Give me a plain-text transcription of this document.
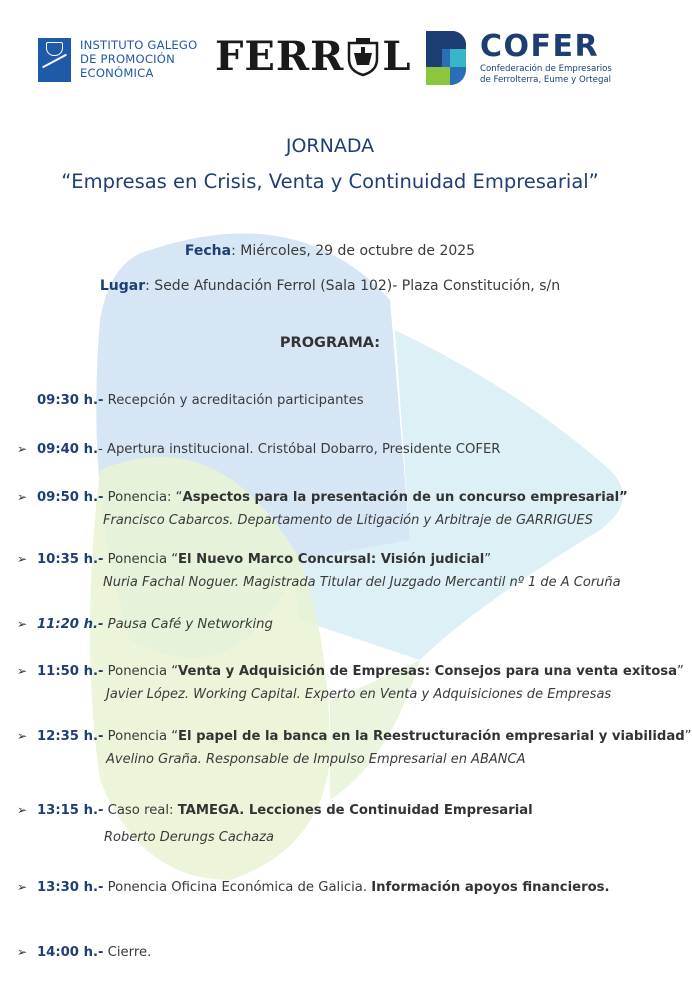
INSTITUTO GALEGO
DE PROMOCIÓN
ECONÓMICA	FERR L COFER
Confederación de Empresarios
de Ferrolterra, Eume y Ortegal
JORNADA
“Empresas en Crisis, Venta y Continuidad Empresarial”
Fecha: Miércoles, 29 de octubre de 2025
Lugar: Sede Afundación Ferrol (Sala 102)- Plaza Constitución, s/n
PROGRAMA:
09:30 h.- Recepción y acreditación participantes
➢ 09:40 h.- Apertura institucional. Cristóbal Dobarro, Presidente COFER
➢ 09:50 h.- Ponencia: “Aspectos para la presentación de un concurso empresarial”
Francisco Cabarcos. Departamento de Litigación y Arbitraje de GARRIGUES
➢ 10:35 h.- Ponencia “El Nuevo Marco Concursal: Visión judicial”
Nuria Fachal Noguer. Magistrada Titular del Juzgado Mercantil nº 1 de A Coruña
➢ 11:20 h.- Pausa Café y Networking
➢ 11:50 h.- Ponencia “Venta y Adquisición de Empresas: Consejos para una venta exitosa”
Javier López. Working Capital. Experto en Venta y Adquisiciones de Empresas
➢ 12:35 h.- Ponencia “El papel de la banca en la Reestructuración empresarial y viabilidad”
Avelino Graña. Responsable de Impulso Empresarial en ABANCA
➢ 13:15 h.- Caso real: TAMEGA. Lecciones de Continuidad Empresarial
Roberto Derungs Cachaza
➢ 13:30 h.- Ponencia Oficina Económica de Galicia. Información apoyos financieros.
➢ 14:00 h.- Cierre.
